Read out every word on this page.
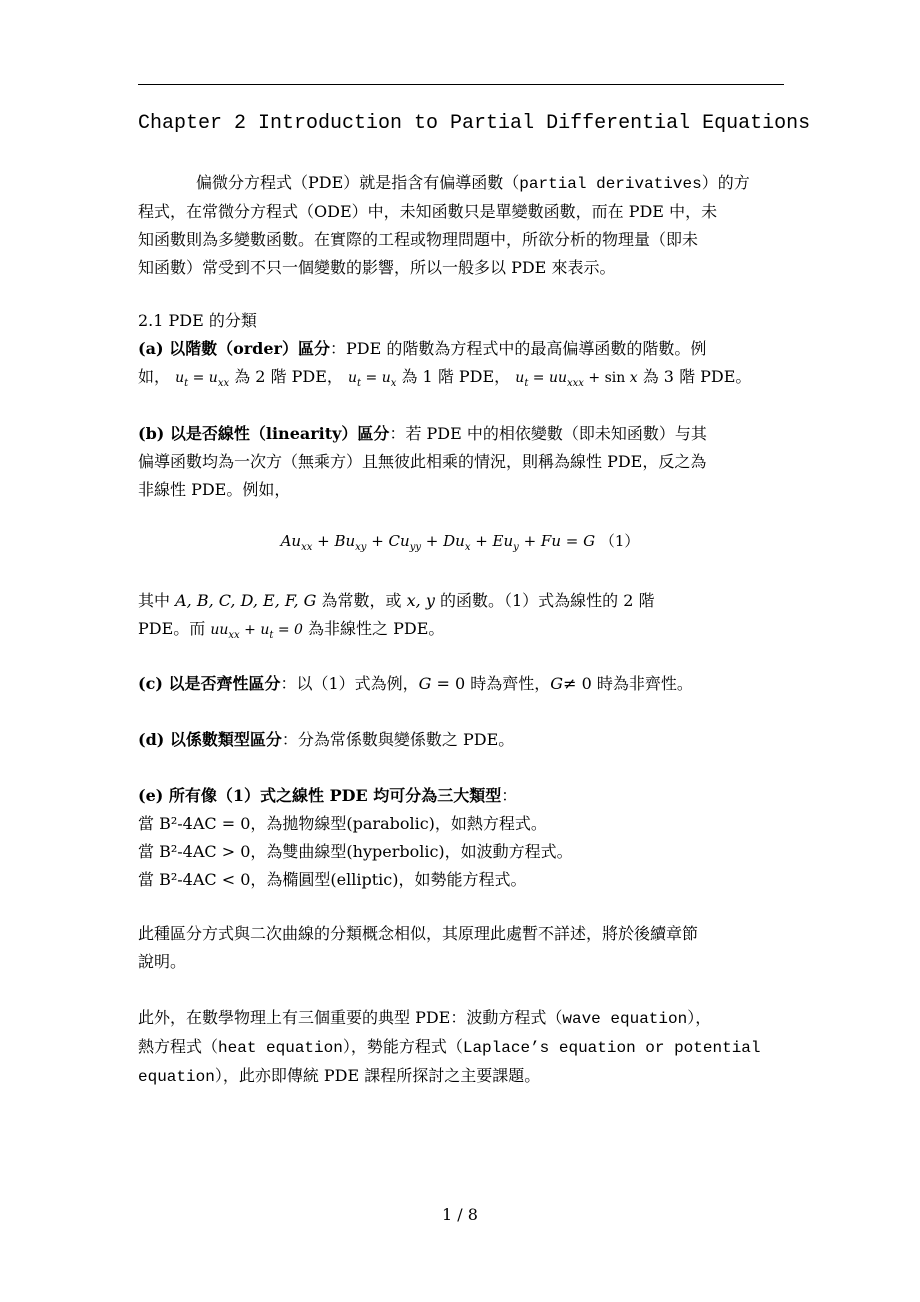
Chapter 2 Introduction to Partial Differential Equations
偏微分方程式（PDE）就是指含有偏導函數（partial derivatives）的方
程式，在常微分方程式（ODE）中，未知函數只是單變數函數，而在 PDE 中，未
知函數則為多變數函數。在實際的工程或物理問題中，所欲分析的物理量（即未
知函數）常受到不只一個變數的影響，所以一般多以 PDE 來表示。
2.1 PDE 的分類
(a) 以階數（order）區分：PDE 的階數為方程式中的最高偏導函數的階數。例
如， $u_t = u_{xx}$ 為 2 階 PDE， $u_t = u_x$ 為 1 階 PDE， $u_t = uu_{xxx} + \sin x$ 為 3 階 PDE。
(b) 以是否線性（linearity）區分：若 PDE 中的相依變數（即未知函數）与其
偏導函數均為一次方（無乘方）且無彼此相乘的情況，則稱為線性 PDE，反之為
非線性 PDE。例如，
$Au_{xx} + Bu_{xy} + Cu_{yy} + Du_x + Eu_y + Fu = G$ （1）
其中 A, B, C, D, E, F, G 為常數，或 x, y 的函數。（1）式為線性的 2 階
PDE。而 $uu_{xx} + u_t = 0$ 為非線性之 PDE。
(c) 以是否齊性區分：以（1）式為例，G = 0 時為齊性，G≠ 0 時為非齊性。
(d) 以係數類型區分：分為常係數與變係數之 PDE。
(e) 所有像（1）式之線性 PDE 均可分為三大類型：
當 B²-4AC = 0，為拋物線型(parabolic)，如熱方程式。
當 B²-4AC > 0，為雙曲線型(hyperbolic)，如波動方程式。
當 B²-4AC < 0，為橢圓型(elliptic)，如勢能方程式。
此種區分方式與二次曲線的分類概念相似，其原理此處暫不詳述，將於後續章節
說明。
此外，在數學物理上有三個重要的典型 PDE：波動方程式（wave equation），
熱方程式（heat equation），勢能方程式（Laplace’s equation or potential
equation），此亦即傳統 PDE 課程所探討之主要課題。
1 / 8
